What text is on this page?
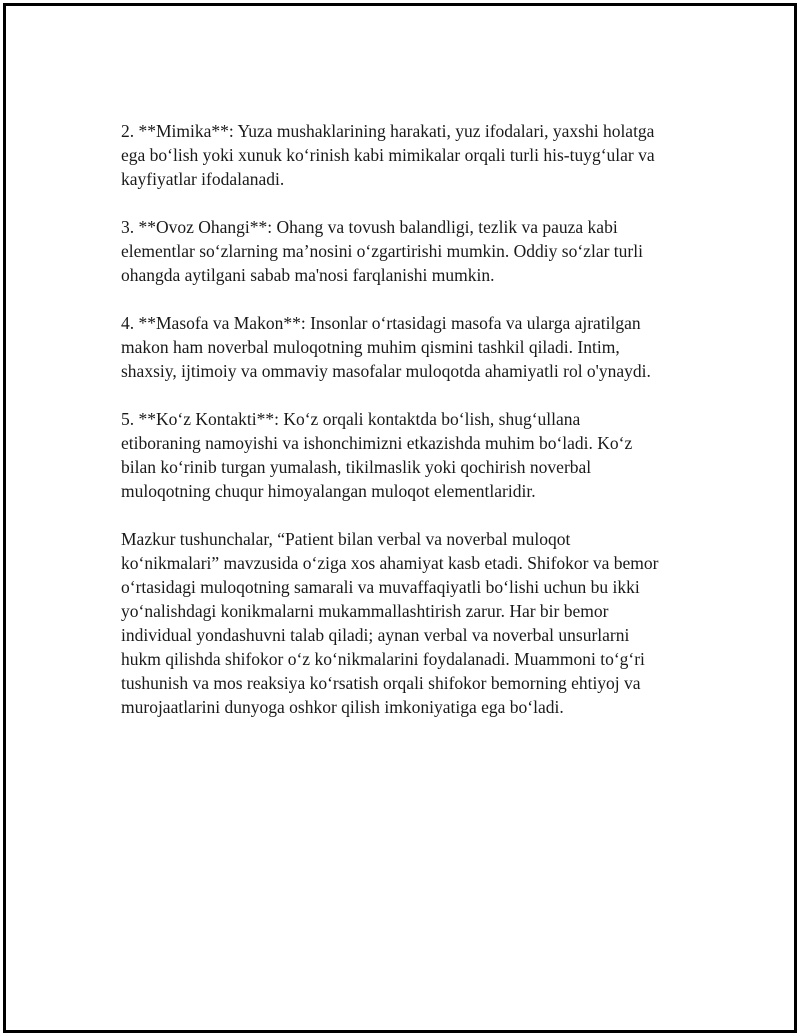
2. **Mimika**: Yuza mushaklarining harakati, yuz ifodalari, yaxshi holatga
ega bo‘lish yoki xunuk ko‘rinish kabi mimikalar orqali turli his-tuyg‘ular va
kayfiyatlar ifodalanadi.

3. **Ovoz Ohangi**: Ohang va tovush balandligi, tezlik va pauza kabi
elementlar so‘zlarning ma’nosini o‘zgartirishi mumkin. Oddiy so‘zlar turli
ohangda aytilgani sabab ma'nosi farqlanishi mumkin.

4. **Masofa va Makon**: Insonlar o‘rtasidagi masofa va ularga ajratilgan
makon ham noverbal muloqotning muhim qismini tashkil qiladi. Intim,
shaxsiy, ijtimoiy va ommaviy masofalar muloqotda ahamiyatli rol o'ynaydi.

5. **Ko‘z Kontakti**: Ko‘z orqali kontaktda bo‘lish, shug‘ullana
etiboraning namoyishi va ishonchimizni etkazishda muhim bo‘ladi. Ko‘z
bilan ko‘rinib turgan yumalash, tikilmaslik yoki qochirish noverbal
muloqotning chuqur himoyalangan muloqot elementlaridir.

Mazkur tushunchalar, “Patient bilan verbal va noverbal muloqot
ko‘nikmalari” mavzusida o‘ziga xos ahamiyat kasb etadi. Shifokor va bemor
o‘rtasidagi muloqotning samarali va muvaffaqiyatli bo‘lishi uchun bu ikki
yo‘nalishdagi konikmalarni mukammallashtirish zarur. Har bir bemor
individual yondashuvni talab qiladi; aynan verbal va noverbal unsurlarni
hukm qilishda shifokor o‘z ko‘nikmalarini foydalanadi. Muammoni to‘g‘ri
tushunish va mos reaksiya ko‘rsatish orqali shifokor bemorning ehtiyoj va
murojaatlarini dunyoga oshkor qilish imkoniyatiga ega bo‘ladi.
